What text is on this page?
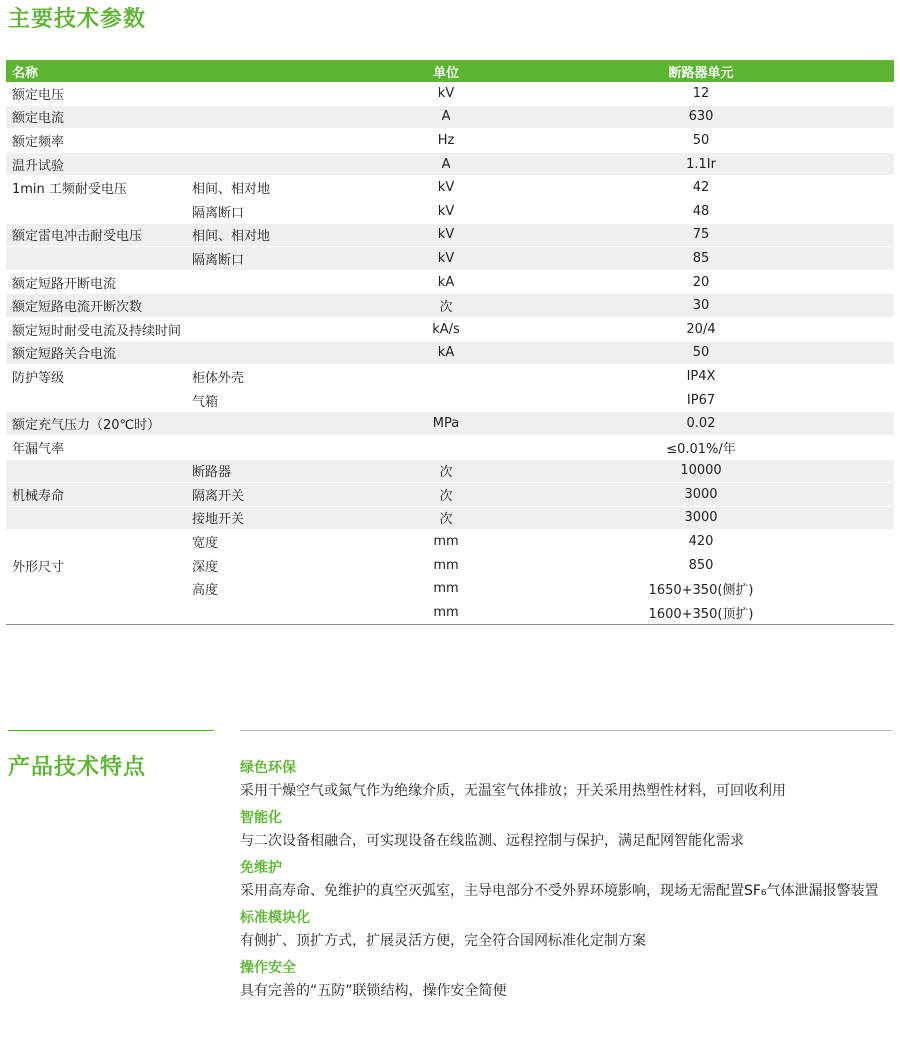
主要技术参数
名称		单位	断路器单元
额定电压		kV	12
额定电流		A	630
额定频率		Hz	50
温升试验		A	1.1Ir
1min 工频耐受电压	相间、相对地	kV	42
	隔离断口	kV	48
额定雷电冲击耐受电压	相间、相对地	kV	75
	隔离断口	kV	85
额定短路开断电流		kA	20
额定短路电流开断次数		次	30
额定短时耐受电流及持续时间		kA/s	20/4
额定短路关合电流		kA	50
防护等级	柜体外壳		IP4X
	气箱		IP67
额定充气压力（20℃时）		MPa	0.02
年漏气率			≤0.01%/年
	断路器	次	10000
机械寿命	隔离开关	次	3000
	接地开关	次	3000
	宽度	mm	420
外形尺寸	深度	mm	850
	高度	mm	1650+350(侧扩)
		mm	1600+350(顶扩)
产品技术特点	绿色环保
采用干燥空气或氮气作为绝缘介质，无温室气体排放；开关采用热塑性材料，可回收利用
智能化
与二次设备相融合，可实现设备在线监测、远程控制与保护，满足配网智能化需求
免维护
采用高寿命、免维护的真空灭弧室，主导电部分不受外界环境影响，现场无需配置SF₆气体泄漏报警装置
标准模块化
有侧扩、顶扩方式，扩展灵活方便，完全符合国网标准化定制方案
操作安全
具有完善的“五防”联锁结构，操作安全简便
